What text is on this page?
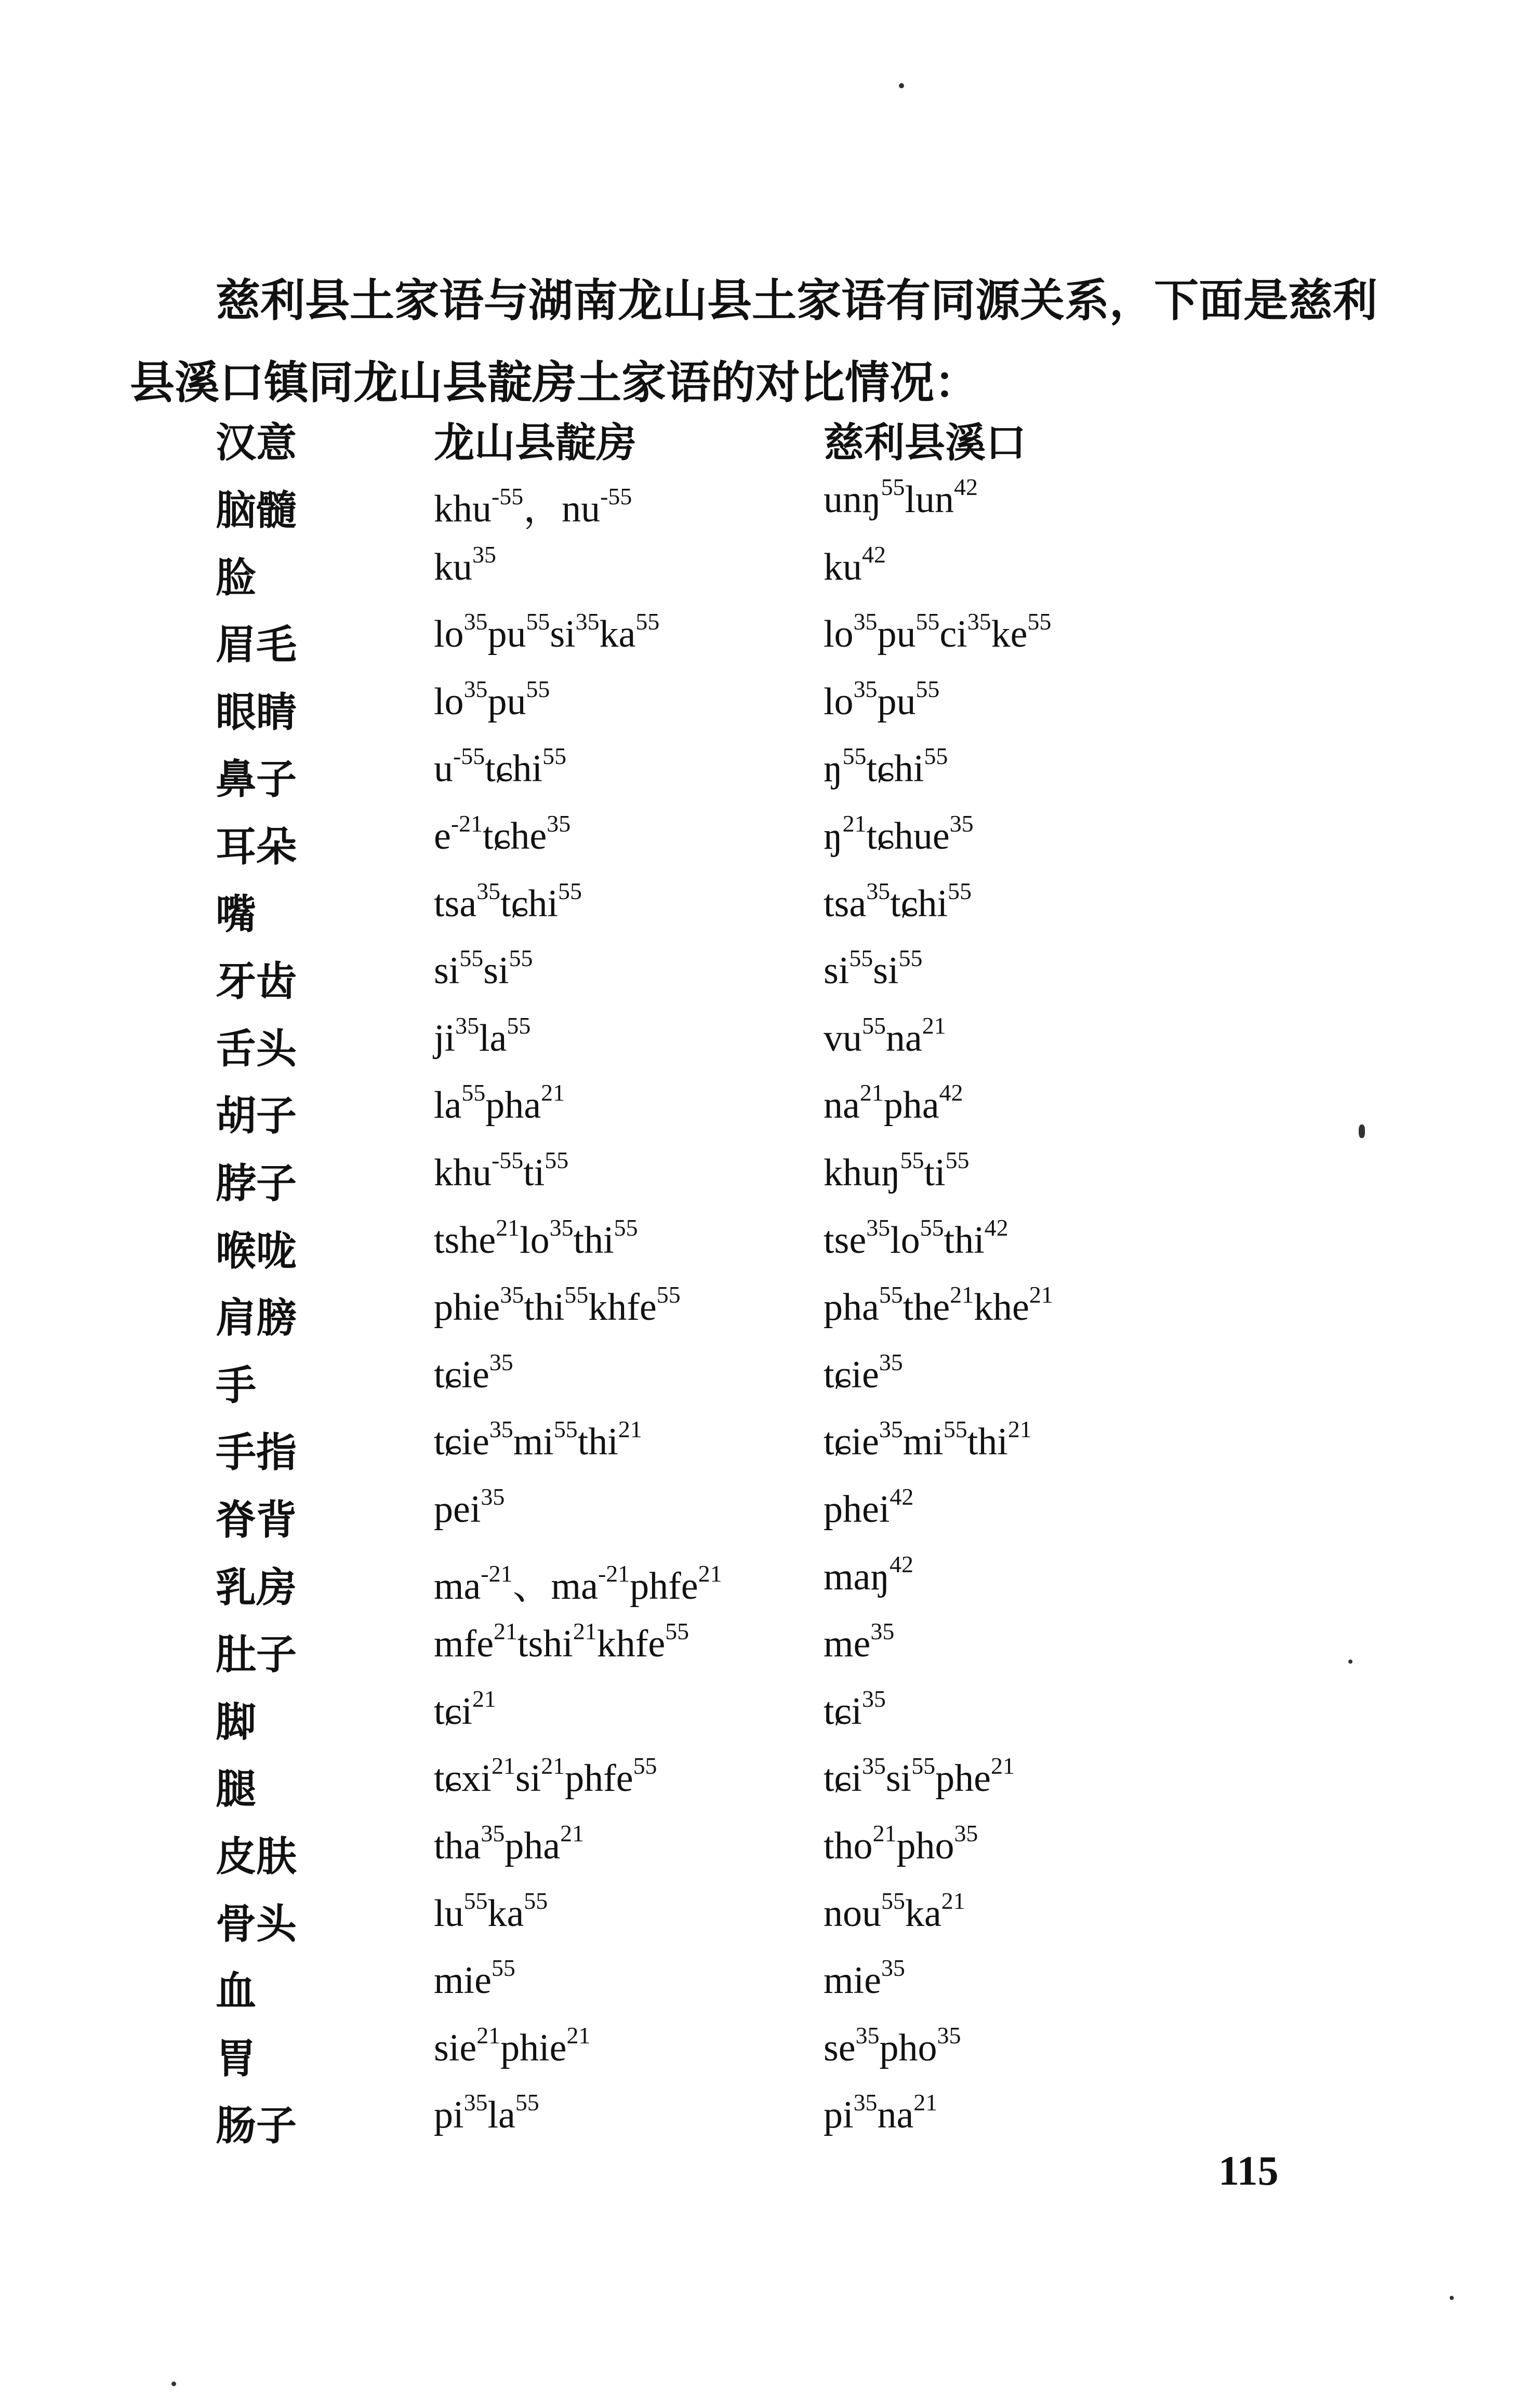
慈利县土家语与湖南龙山县土家语有同源关系，下面是慈利
县溪口镇同龙山县靛房土家语的对比情况：
汉意	龙山县靛房	慈利县溪口
脑髓	khu$^{-55}$，$nu^{-55}$	unŋ$^{55}$lun$^{42}$
脸	$ku^{35}$	$ku^{42}$
眉毛	$lo^{35}pu^{55}si^{35}ka^{55}$	$lo^{35}pu^{55}ci^{35}ke^{55}$
眼睛	$lo^{35}pu^{55}$	$lo^{35}pu^{55}$
鼻子	$u^{-55}tɕhi^{55}$	$ŋ^{55}tɕhi^{55}$
耳朵	$e^{-21}tɕhe^{35}$	$ŋ^{21}tɕhue^{35}$
嘴	tsa$^{35}$tɕhi$^{55}$	tsa$^{35}$tɕhi$^{55}$
牙齿	$si^{55}si^{55}$	$si^{55}si^{55}$
舌头	$ji^{35}la^{55}$	$vu^{55}na^{21}$
胡子	$la^{55}pha^{21}$	$na^{21}pha^{42}$
脖子	$khu^{-55}ti^{55}$	$khuŋ^{55}ti^{55}$
喉咙	$tshe^{21}lo^{35}thi^{55}$	$tse^{35}lo^{55}thi^{42}$
肩膀	phie$^{35}$thi$^{55}$khfe$^{55}$	pha$^{55}$the$^{21}$khe$^{21}$
手	tɕie$^{35}$	tɕie$^{35}$
手指	$tɕie^{35}mi^{55}thi^{21}$	$tɕie^{35}mi^{55}thi^{21}$
脊背	pei$^{35}$	phei$^{42}$
乳房	$ma^{-21}$、$ma^{-21}phfe^{21}$	maŋ$^{42}$
肚子	mfe$^{21}$tshi$^{21}$khfe$^{55}$	$me^{35}$
脚	tɕi$^{21}$	tɕi$^{35}$
腿	$tɕxi^{21}si^{21}phfe^{55}$	$tɕi^{35}si^{55}phe^{21}$
皮肤	tha$^{35}$pha$^{21}$	tho$^{21}$pho$^{35}$
骨头	$lu^{55}ka^{55}$	$nou^{55}ka^{21}$
血	mie$^{55}$	mie$^{35}$
胃	sie$^{21}$phie$^{21}$	$se^{35}pho^{35}$
肠子	$pi^{35}la^{55}$	$pi^{35}na^{21}$
115
